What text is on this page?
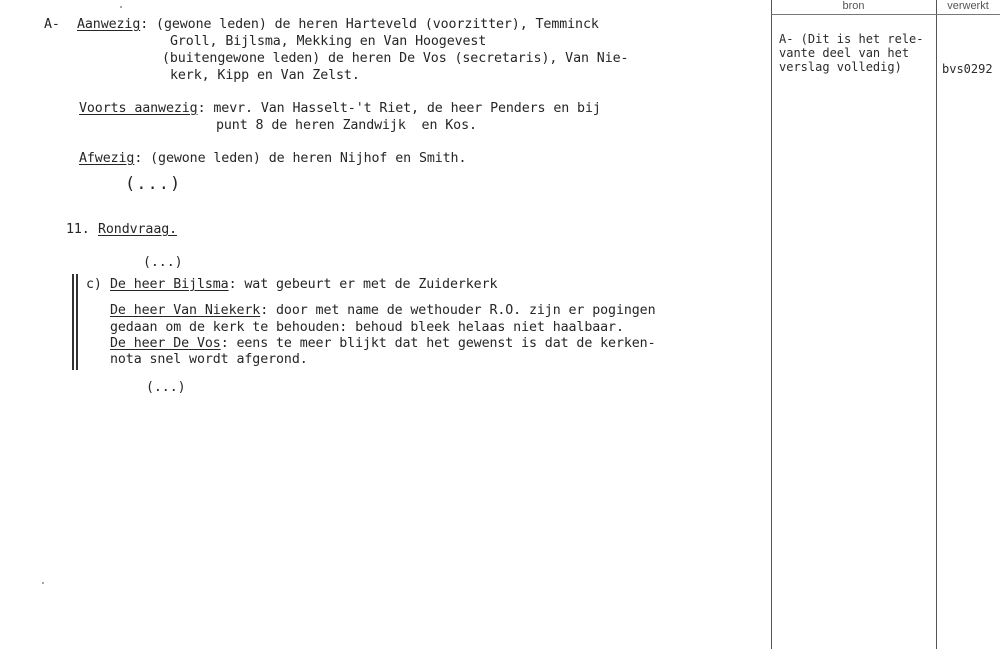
bron	verwerkt
A- Aanwezig: (gewone leden) de heren Harteveld (voorzitter), Temminck
Groll, Bijlsma, Mekking en Van Hoogevest
(buitengewone leden) de heren De Vos (secretaris), Van Nie-
kerk, Kipp en Van Zelst.
Voorts aanwezig: mevr. Van Hasselt-'t Riet, de heer Penders en bij
punt 8 de heren Zandwijk  en Kos.
Afwezig: (gewone leden) de heren Nijhof en Smith.
(...)
11. Rondvraag.
(...)
c) De heer Bijlsma: wat gebeurt er met de Zuiderkerk
De heer Van Niekerk: door met name de wethouder R.O. zijn er pogingen
gedaan om de kerk te behouden: behoud bleek helaas niet haalbaar.
De heer De Vos: eens te meer blijkt dat het gewenst is dat de kerken-
nota snel wordt afgerond.
(...)
A- (Dit is het rele-
vante deel van het
verslag volledig)	bvs0292
